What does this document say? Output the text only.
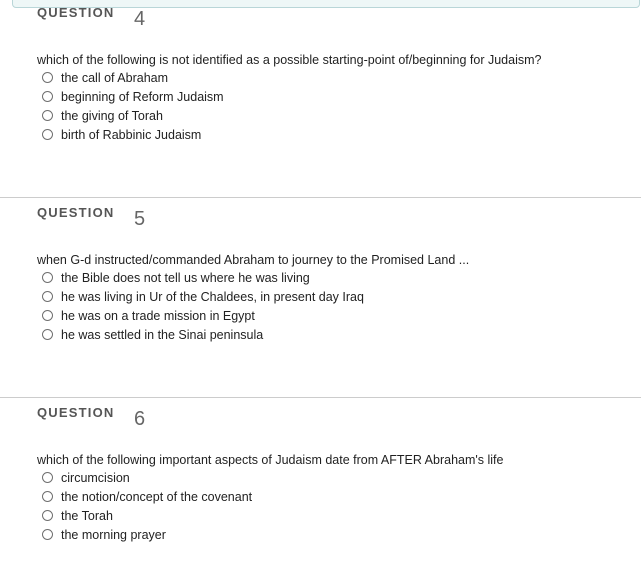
QUESTION 4
which of the following is not identified as a possible starting-point of/beginning for Judaism?
the call of Abraham
beginning of Reform Judaism
the giving of Torah
birth of Rabbinic Judaism
QUESTION 5
when G-d instructed/commanded Abraham to journey to the Promised Land ...
the Bible does not tell us where he was living
he was living in Ur of the Chaldees, in present day Iraq
he was on a trade mission in Egypt
he was settled in the Sinai peninsula
QUESTION 6
which of the following important aspects of Judaism date from AFTER Abraham's life
circumcision
the notion/concept of the covenant
the Torah
the morning prayer
